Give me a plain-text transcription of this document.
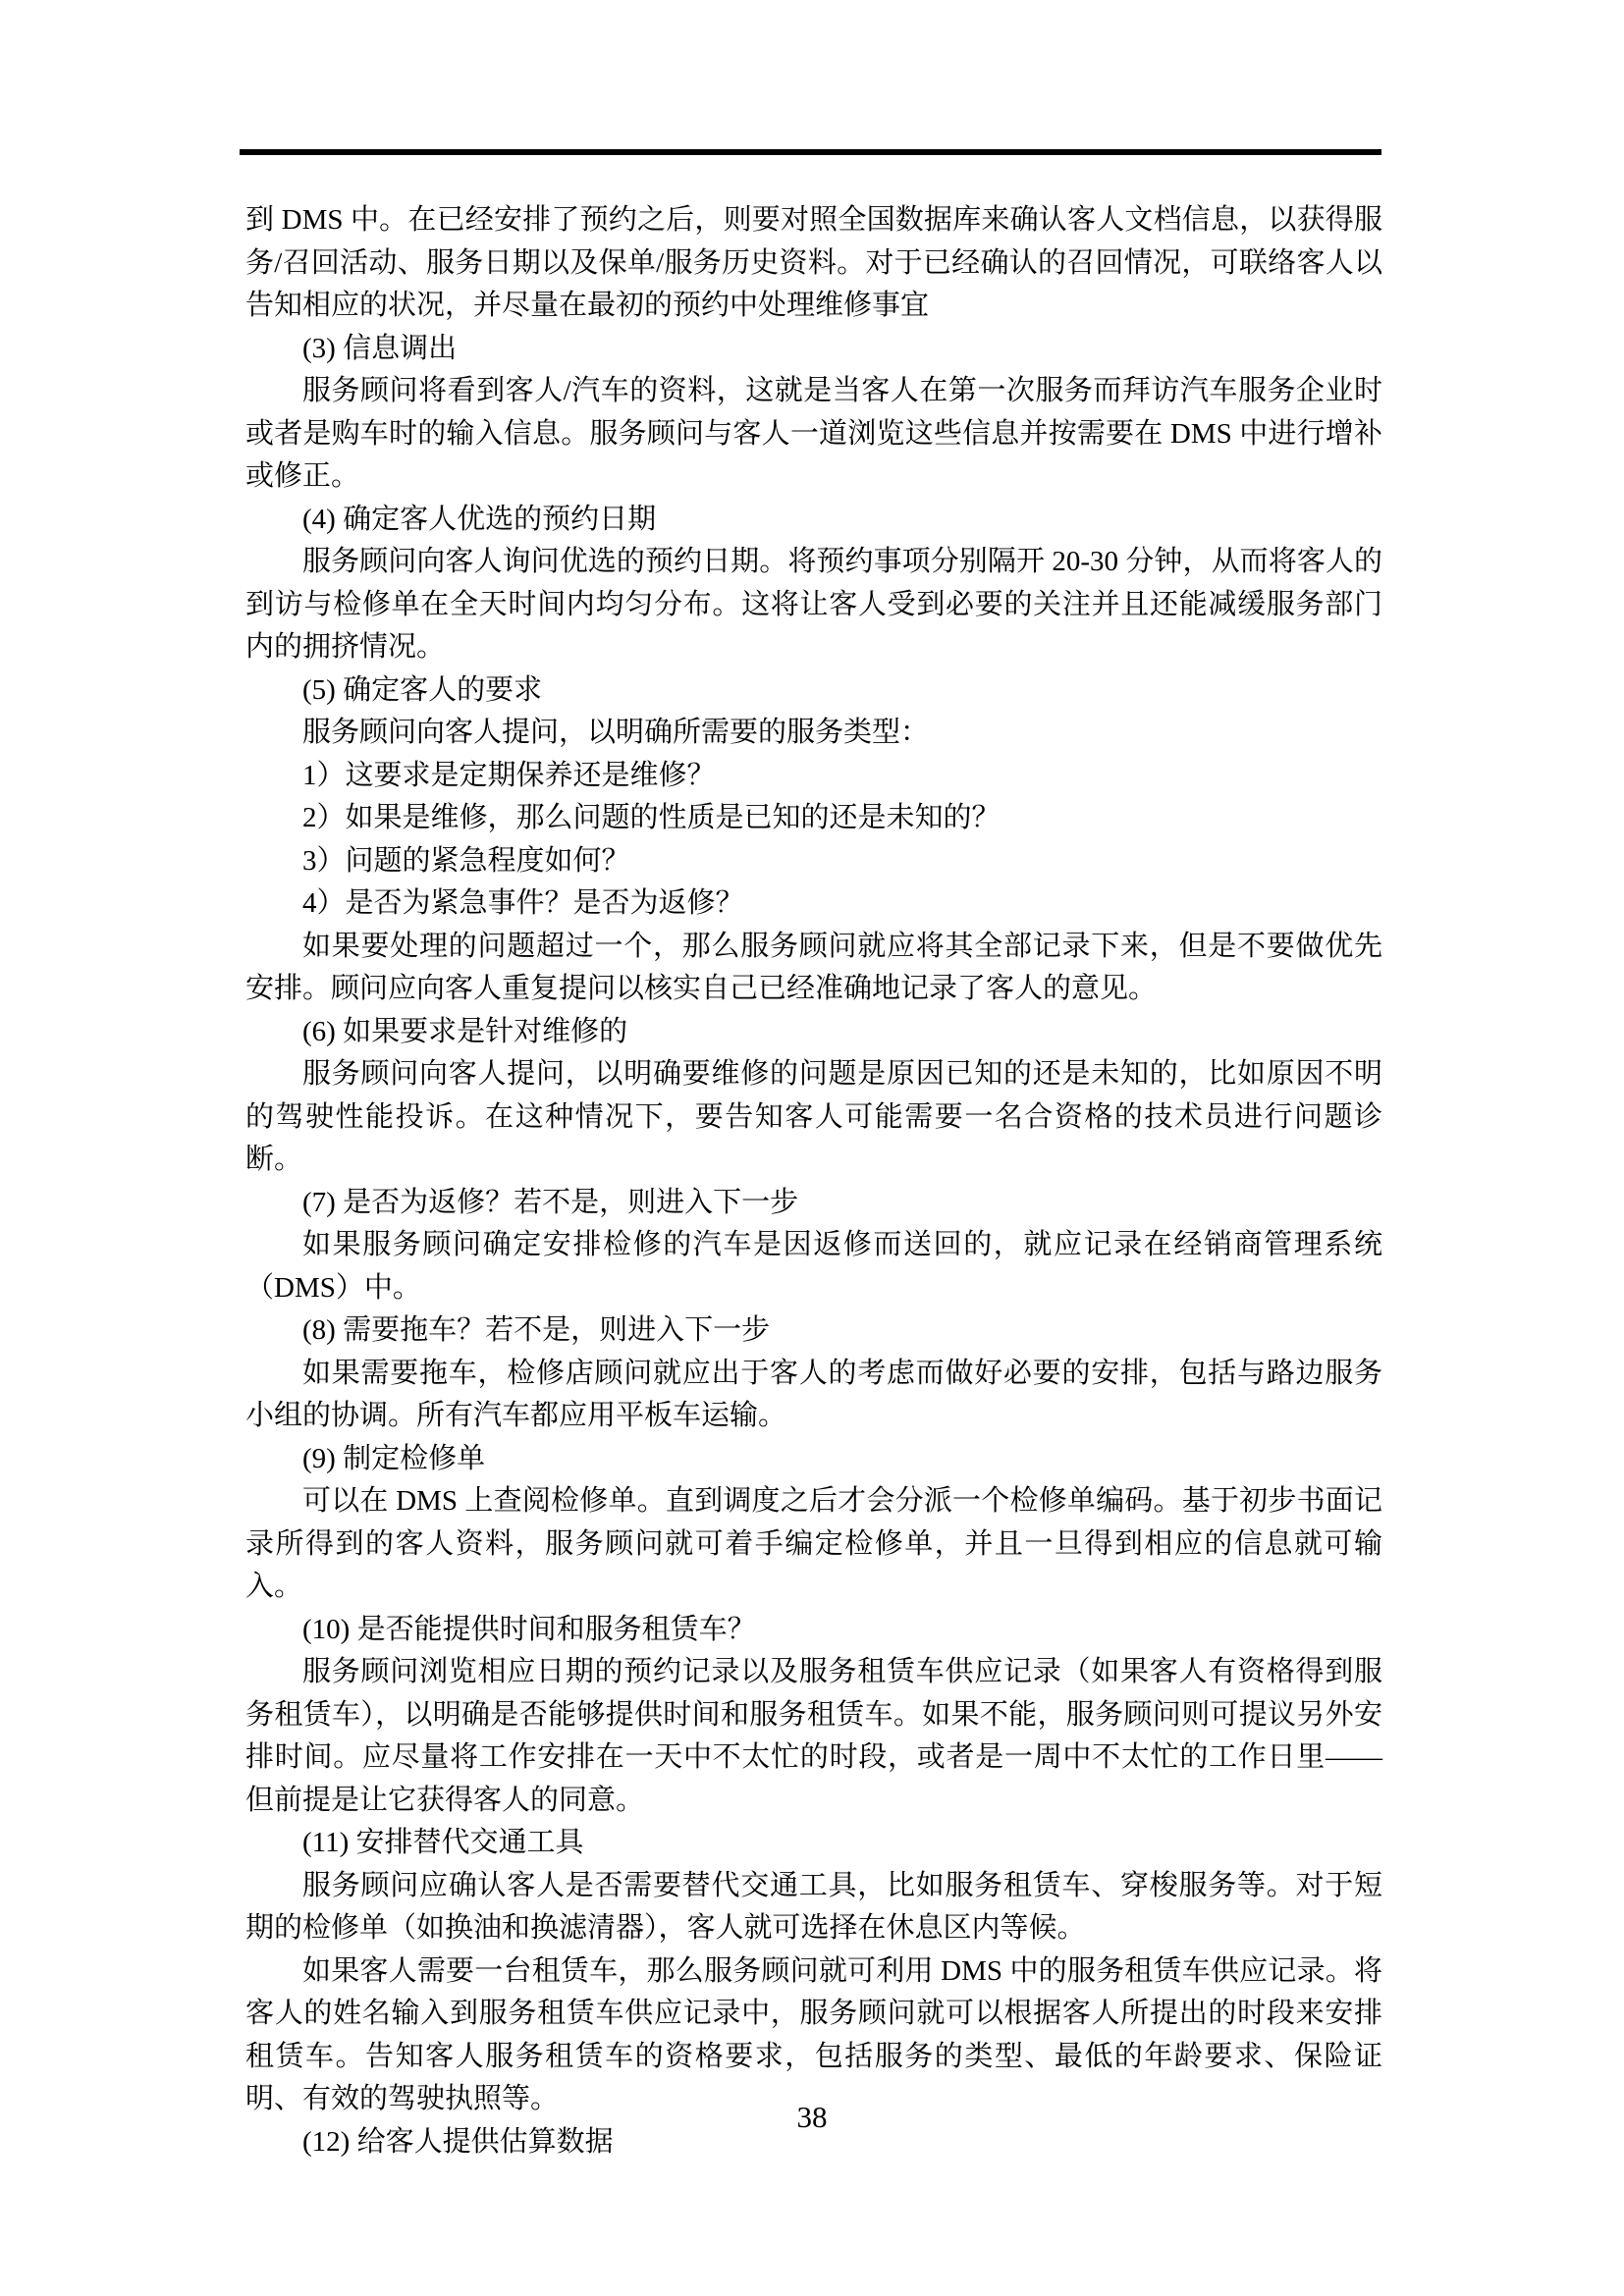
到 DMS 中。在已经安排了预约之后，则要对照全国数据库来确认客人文档信息，以获得服务/召回活动、服务日期以及保单/服务历史资料。对于已经确认的召回情况，可联络客人以告知相应的状况，并尽量在最初的预约中处理维修事宜

(3) 信息调出

服务顾问将看到客人/汽车的资料，这就是当客人在第一次服务而拜访汽车服务企业时或者是购车时的输入信息。服务顾问与客人一道浏览这些信息并按需要在 DMS 中进行增补或修正。

(4) 确定客人优选的预约日期

服务顾问向客人询问优选的预约日期。将预约事项分别隔开 20-30 分钟，从而将客人的到访与检修单在全天时间内均匀分布。这将让客人受到必要的关注并且还能减缓服务部门内的拥挤情况。

(5) 确定客人的要求

服务顾问向客人提问，以明确所需要的服务类型：

1）这要求是定期保养还是维修？

2）如果是维修，那么问题的性质是已知的还是未知的？

3）问题的紧急程度如何？

4）是否为紧急事件？是否为返修？

如果要处理的问题超过一个，那么服务顾问就应将其全部记录下来，但是不要做优先安排。顾问应向客人重复提问以核实自己已经准确地记录了客人的意见。

(6) 如果要求是针对维修的

服务顾问向客人提问，以明确要维修的问题是原因已知的还是未知的，比如原因不明的驾驶性能投诉。在这种情况下，要告知客人可能需要一名合资格的技术员进行问题诊断。

(7) 是否为返修？若不是，则进入下一步

如果服务顾问确定安排检修的汽车是因返修而送回的，就应记录在经销商管理系统（DMS）中。

(8) 需要拖车？若不是，则进入下一步

如果需要拖车，检修店顾问就应出于客人的考虑而做好必要的安排，包括与路边服务小组的协调。所有汽车都应用平板车运输。

(9) 制定检修单

可以在 DMS 上查阅检修单。直到调度之后才会分派一个检修单编码。基于初步书面记录所得到的客人资料，服务顾问就可着手编定检修单，并且一旦得到相应的信息就可输入。

(10) 是否能提供时间和服务租赁车？

服务顾问浏览相应日期的预约记录以及服务租赁车供应记录（如果客人有资格得到服务租赁车），以明确是否能够提供时间和服务租赁车。如果不能，服务顾问则可提议另外安排时间。应尽量将工作安排在一天中不太忙的时段，或者是一周中不太忙的工作日里——但前提是让它获得客人的同意。

(11) 安排替代交通工具

服务顾问应确认客人是否需要替代交通工具，比如服务租赁车、穿梭服务等。对于短期的检修单（如换油和换滤清器），客人就可选择在休息区内等候。

如果客人需要一台租赁车，那么服务顾问就可利用 DMS 中的服务租赁车供应记录。将客人的姓名输入到服务租赁车供应记录中，服务顾问就可以根据客人所提出的时段来安排租赁车。告知客人服务租赁车的资格要求，包括服务的类型、最低的年龄要求、保险证明、有效的驾驶执照等。

(12) 给客人提供估算数据

38
